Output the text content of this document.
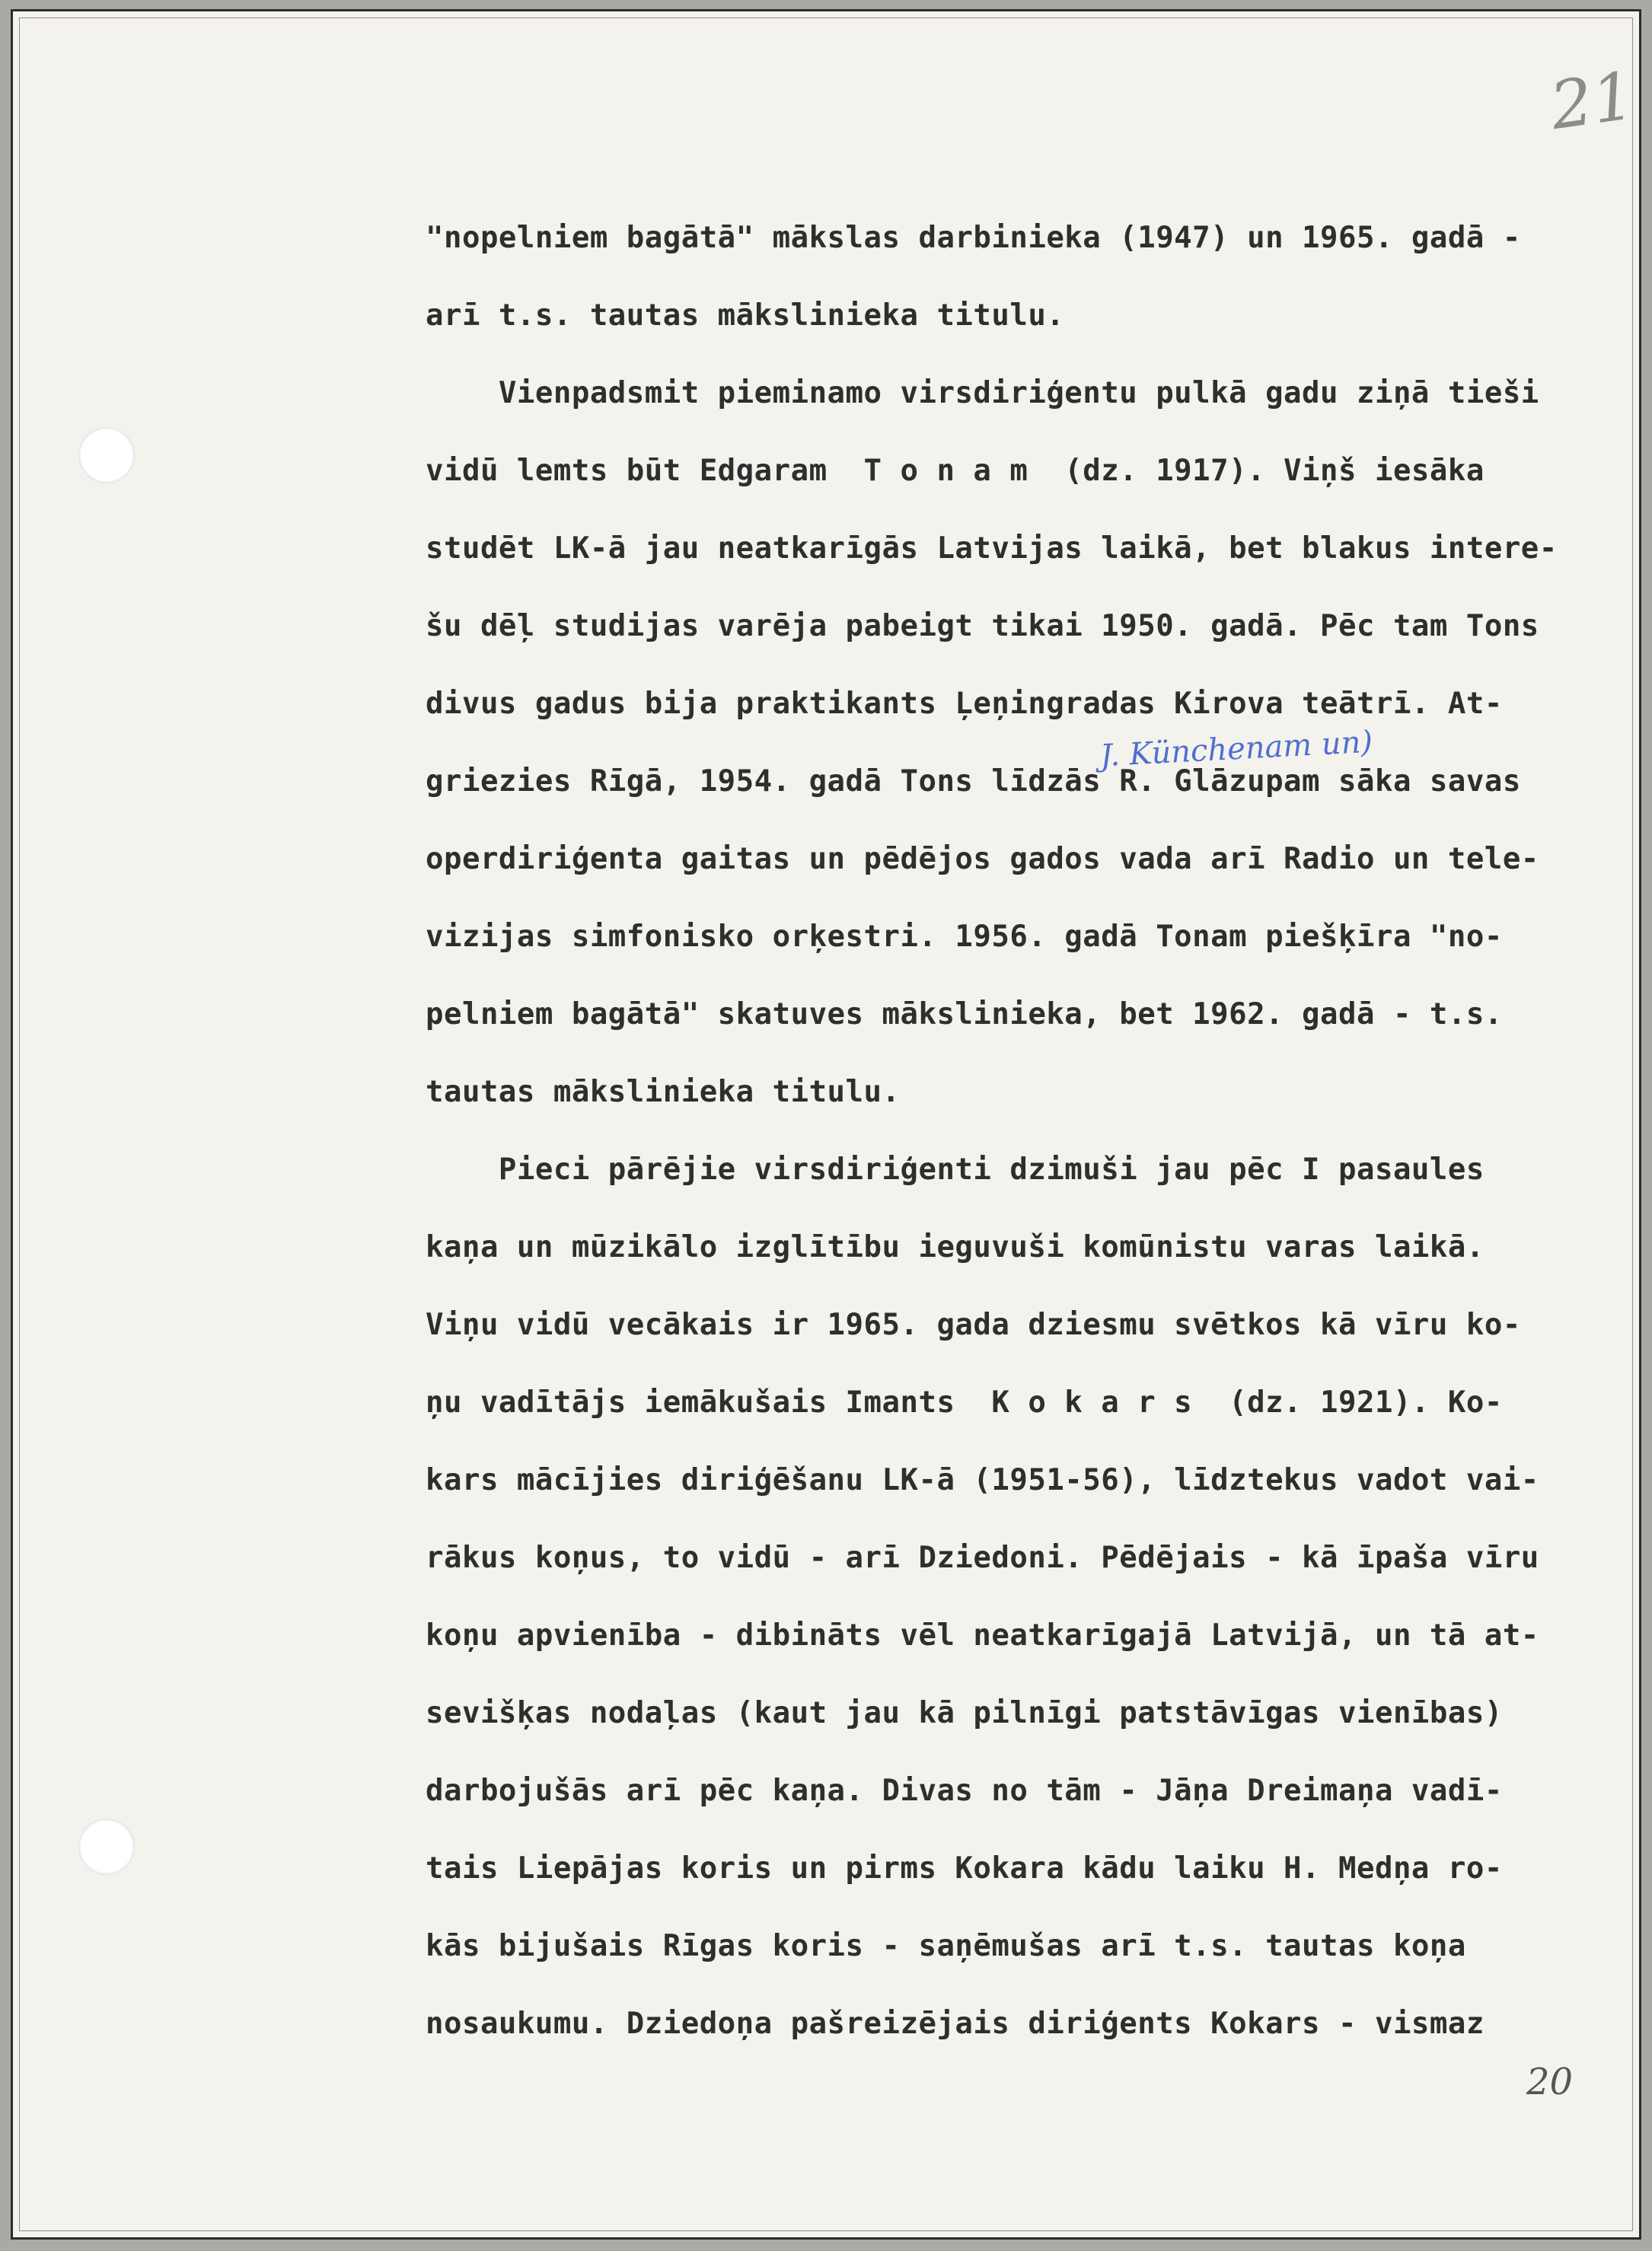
21
J. Künchenam un)
"nopelniem bagātā" mākslas darbinieka (1947) un 1965. gadā -
arī t.s. tautas mākslinieka titulu.
Vienpadsmit pieminamo virsdiriģentu pulkā gadu ziņā tieši
vidū lemts būt Edgaram  T o n a m  (dz. 1917). Viņš iesāka
studēt LK-ā jau neatkarīgās Latvijas laikā, bet blakus intere-
šu dēļ studijas varēja pabeigt tikai 1950. gadā. Pēc tam Tons
divus gadus bija praktikants Ļeņingradas Kirova teātrī. At-
griezies Rīgā, 1954. gadā Tons līdzās R. Glāzupam sāka savas
operdiriģenta gaitas un pēdējos gados vada arī Radio un tele-
vizijas simfonisko orķestri. 1956. gadā Tonam piešķīra "no-
pelniem bagātā" skatuves mākslinieka, bet 1962. gadā - t.s.
tautas mākslinieka titulu.
Pieci pārējie virsdiriģenti dzimuši jau pēc I pasaules
kaņa un mūzikālo izglītību ieguvuši komūnistu varas laikā.
Viņu vidū vecākais ir 1965. gada dziesmu svētkos kā vīru ko-
ņu vadītājs iemākušais Imants  K o k a r s  (dz. 1921). Ko-
kars mācījies diriģēšanu LK-ā (1951-56), līdztekus vadot vai-
rākus koņus, to vidū - arī Dziedoni. Pēdējais - kā īpaša vīru
koņu apvienība - dibināts vēl neatkarīgajā Latvijā, un tā at-
sevišķas nodaļas (kaut jau kā pilnīgi patstāvīgas vienības)
darbojušās arī pēc kaņa. Divas no tām - Jāņa Dreimaņa vadī-
tais Liepājas koris un pirms Kokara kādu laiku H. Medņa ro-
kās bijušais Rīgas koris - saņēmušas arī t.s. tautas koņa
nosaukumu. Dziedoņa pašreizējais diriģents Kokars - vismaz
20
